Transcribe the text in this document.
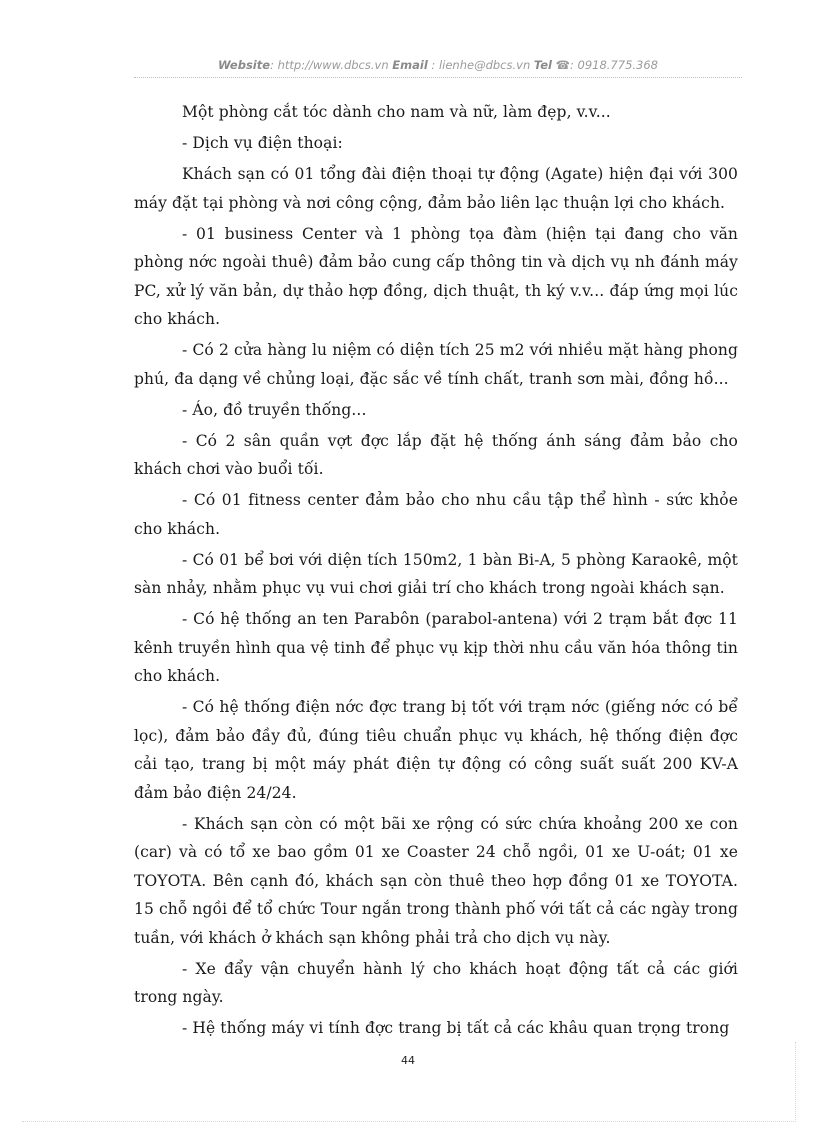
Website: http://www.dbcs.vn Email : lienhe@dbcs.vn Tel ☎: 0918.775.368

Một phòng cắt tóc dành cho nam và nữ, làm đẹp, v.v...

- Dịch vụ điện thoại:

Khách sạn có 01 tổng đài điện thoại tự động (Agate) hiện đại với 300 máy đặt tại phòng và nơi công cộng, đảm bảo liên lạc thuận lợi cho khách.

- 01 business Center và 1 phòng tọa đàm (hiện tại đang cho văn phòng nớc ngoài thuê) đảm bảo cung cấp thông tin và dịch vụ nh đánh máy PC, xử lý văn bản, dự thảo hợp đồng, dịch thuật, th ký v.v... đáp ứng mọi lúc cho khách.

- Có 2 cửa hàng lu niệm có diện tích 25 m2 với nhiều mặt hàng phong phú, đa dạng về chủng loại, đặc sắc về tính chất, tranh sơn mài, đồng hồ...

- Áo, đồ truyền thống...

- Có 2 sân quần vợt đợc lắp đặt hệ thống ánh sáng đảm bảo cho khách chơi vào buổi tối.

- Có 01 fitness center đảm bảo cho nhu cầu tập thể hình - sức khỏe cho khách.

- Có 01 bể bơi với diện tích 150m2, 1 bàn Bi-A, 5 phòng Karaokê, một sàn nhảy, nhằm phục vụ vui chơi giải trí cho khách trong ngoài khách sạn.

- Có hệ thống an ten Parabôn (parabol-antena) với 2 trạm bắt đợc 11 kênh truyền hình qua vệ tinh để phục vụ kịp thời nhu cầu văn hóa thông tin cho khách.

- Có hệ thống điện nớc đợc trang bị tốt với trạm nớc (giếng nớc có bể lọc), đảm bảo đầy đủ, đúng tiêu chuẩn phục vụ khách, hệ thống điện đợc cải tạo, trang bị một máy phát điện tự động có công suất suất 200 KV-A đảm bảo điện 24/24.

- Khách sạn còn có một bãi xe rộng có sức chứa khoảng 200 xe con (car) và có tổ xe bao gồm 01 xe Coaster 24 chỗ ngồi, 01 xe U-oát; 01 xe TOYOTA. Bên cạnh đó, khách sạn còn thuê theo hợp đồng 01 xe TOYOTA. 15 chỗ ngồi để tổ chức Tour ngắn trong thành phố với tất cả các ngày trong tuần, với khách ở khách sạn không phải trả cho dịch vụ này.

- Xe đẩy vận chuyển hành lý cho khách hoạt động tất cả các giới trong ngày.

- Hệ thống máy vi tính đợc trang bị tất cả các khâu quan trọng trong

44
